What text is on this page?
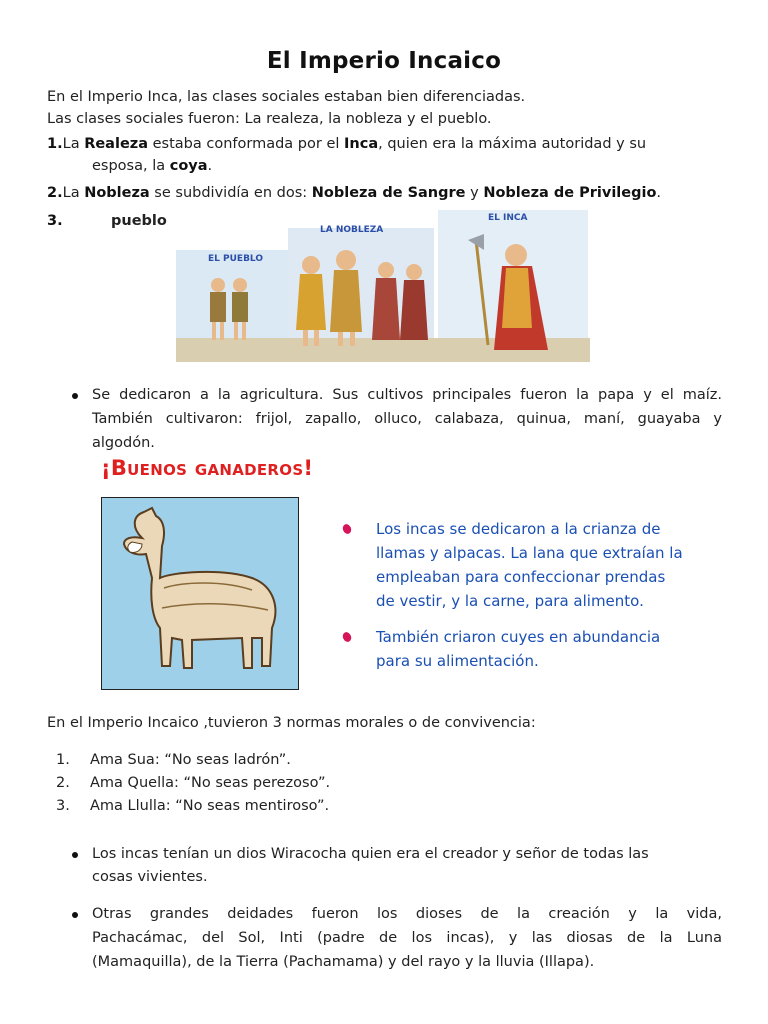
El Imperio Incaico
En el Imperio Inca, las clases sociales estaban bien diferenciadas.
Las clases sociales fueron: La realeza, la nobleza y el pueblo.
1.La Realeza estaba conformada por el Inca, quien era la máxima autoridad y su
esposa, la coya.
2.La Nobleza se subdividía en dos: Nobleza de Sangre y Nobleza de Privilegio.
3.	pueblo
EL PUEBLO
LA NOBLEZA
EL INCA
Se dedicaron a la agricultura. Sus cultivos principales fueron la papa y el maíz.
También cultivaron: frijol, zapallo, olluco, calabaza, quinua, maní, guayaba y
algodón.
¡Buenos ganaderos!
Los incas se dedicaron a la crianza de
llamas y alpacas. La lana que extraían la
empleaban para confeccionar prendas
de vestir, y la carne, para alimento.
También criaron cuyes en abundancia
para su alimentación.
En el Imperio Incaico ,tuvieron 3 normas morales o de convivencia:
1. Ama Sua: “No seas ladrón”.
2. Ama Quella: “No seas perezoso”.
3. Ama Llulla: “No seas mentiroso”.
Los incas tenían un dios Wiracocha quien era el creador y señor de todas las
cosas vivientes.
Otras grandes deidades fueron los dioses de la creación y la vida,
Pachacámac, del Sol, Inti (padre de los incas), y las diosas de la Luna
(Mamaquilla), de la Tierra (Pachamama) y del rayo y la lluvia (Illapa).
